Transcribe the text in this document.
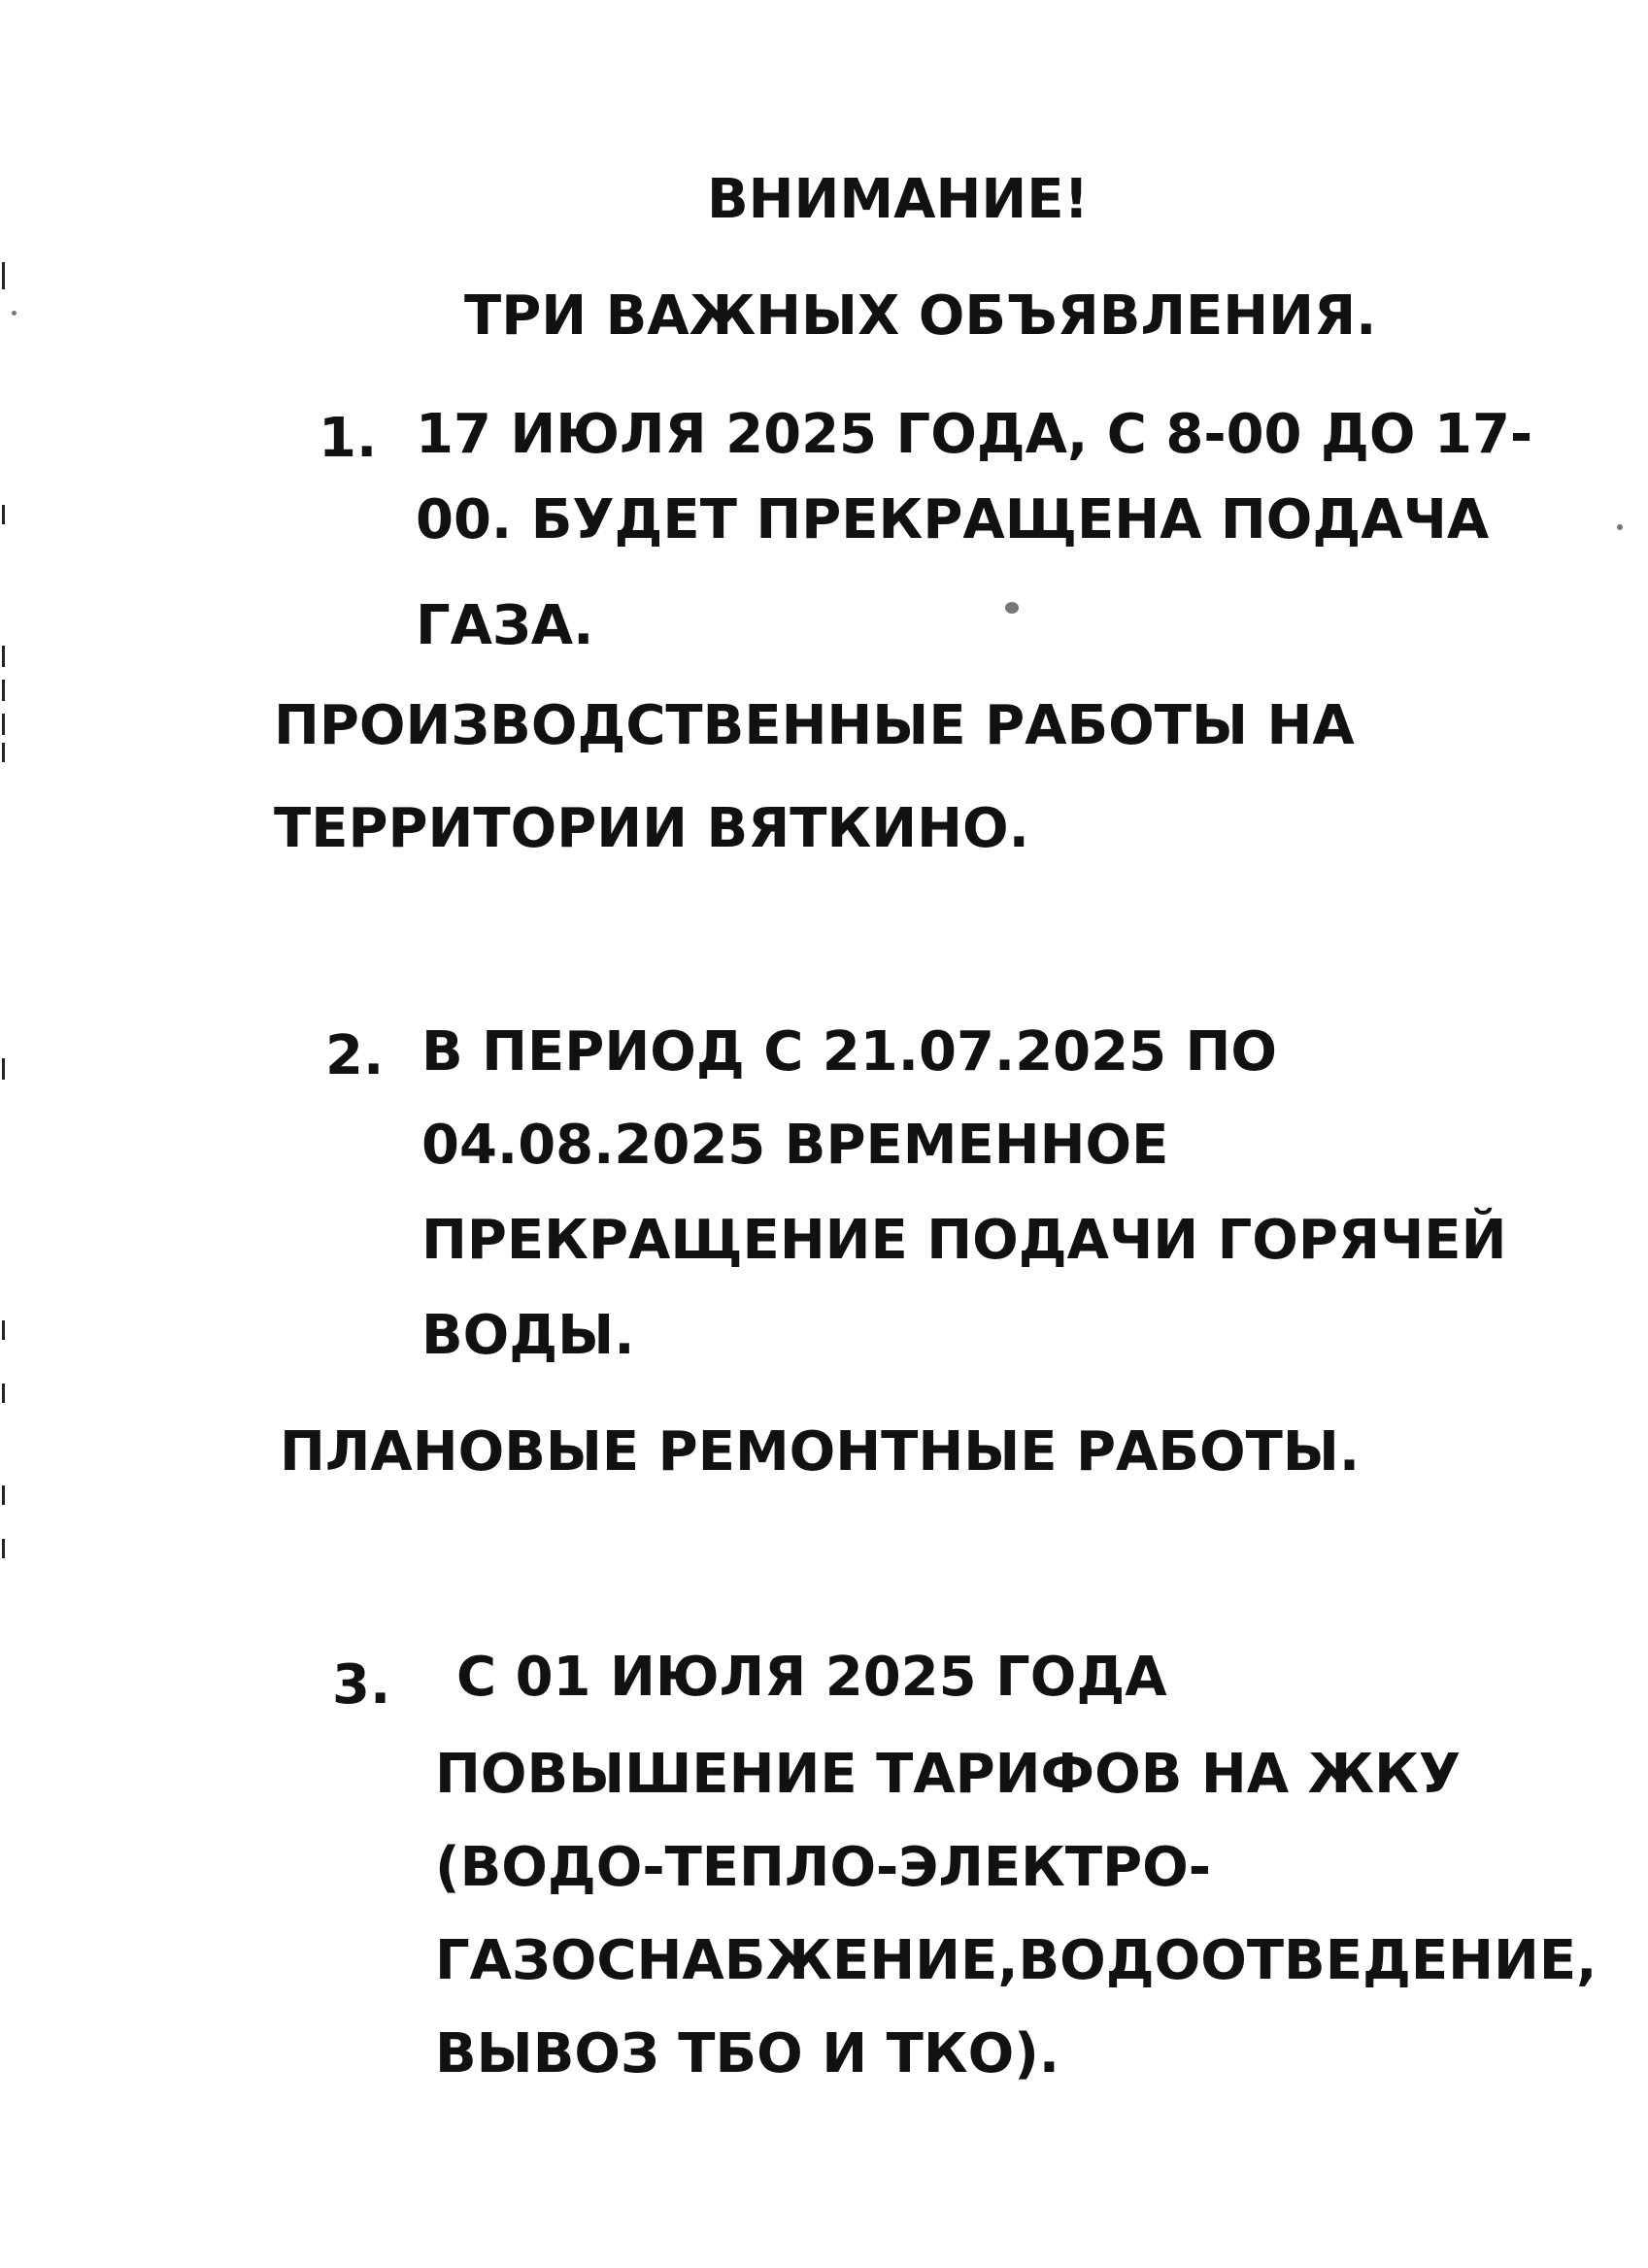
ВНИМАНИЕ!
ТРИ ВАЖНЫХ ОБЪЯВЛЕНИЯ.
1. 17 ИЮЛЯ 2025 ГОДА, С 8-00 ДО 17-
00. БУДЕТ ПРЕКРАЩЕНА ПОДАЧА
ГАЗА.
ПРОИЗВОДСТВЕННЫЕ РАБОТЫ НА
ТЕРРИТОРИИ ВЯТКИНО.
2. В ПЕРИОД С 21.07.2025 ПО
04.08.2025 ВРЕМЕННОЕ
ПРЕКРАЩЕНИЕ ПОДАЧИ ГОРЯЧЕЙ
ВОДЫ.
ПЛАНОВЫЕ РЕМОНТНЫЕ РАБОТЫ.
3. С 01 ИЮЛЯ 2025 ГОДА
ПОВЫШЕНИЕ ТАРИФОВ НА ЖКУ
(ВОДО-ТЕПЛО-ЭЛЕКТРО-
ГАЗОСНАБЖЕНИЕ,ВОДООТВЕДЕНИЕ,
ВЫВОЗ ТБО И ТКО).
